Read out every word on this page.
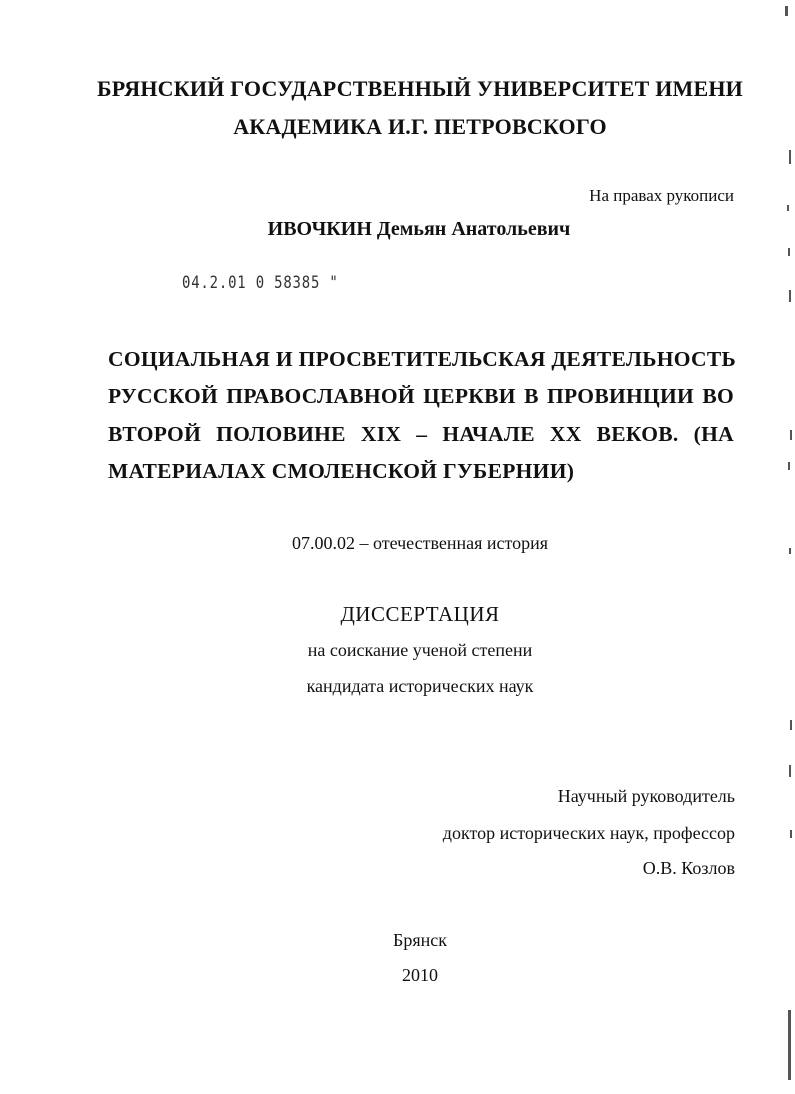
БРЯНСКИЙ ГОСУДАРСТВЕННЫЙ УНИВЕРСИТЕТ ИМЕНИ
АКАДЕМИКА И.Г. ПЕТРОВСКОГО
На правах рукописи
ИВОЧКИН Демьян Анатольевич
04.2.01 0 58385 "
СОЦИАЛЬНАЯ И ПРОСВЕТИТЕЛЬСКАЯ ДЕЯТЕЛЬНОСТЬ
РУССКОЙ ПРАВОСЛАВНОЙ ЦЕРКВИ В ПРОВИНЦИИ ВО
ВТОРОЙ ПОЛОВИНЕ XIX – НАЧАЛЕ XX ВЕКОВ. (НА
МАТЕРИАЛАХ СМОЛЕНСКОЙ ГУБЕРНИИ)
07.00.02 – отечественная история
ДИССЕРТАЦИЯ
на соискание ученой степени
кандидата исторических наук
Научный руководитель
доктор исторических наук, профессор
О.В. Козлов
Брянск
2010
